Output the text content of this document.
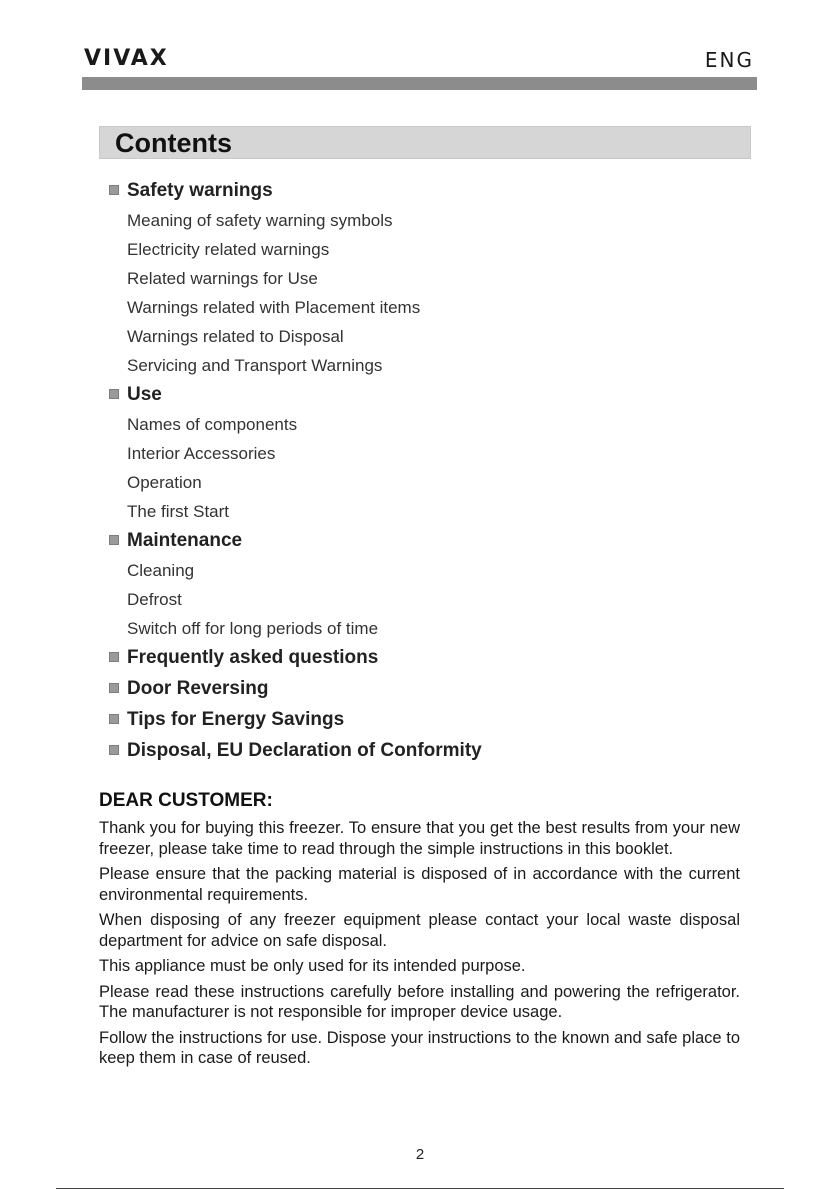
VIVAX	ENG
Contents
Safety warnings
Meaning of safety warning symbols
Electricity related warnings
Related warnings for Use
Warnings related with Placement items
Warnings related to Disposal
Servicing and Transport Warnings
Use
Names of components
Interior Accessories
Operation
The first Start
Maintenance
Cleaning
Defrost
Switch off for long periods of time
Frequently asked questions
Door Reversing
Tips for Energy Savings
Disposal, EU Declaration of Conformity
DEAR CUSTOMER:

Thank you for buying this freezer. To ensure that you get the best results from your new freezer, please take time to read through the simple instructions in this booklet.

Please ensure that the packing material is disposed of in accordance with the current environmental requirements.

When disposing of any freezer equipment please contact your local waste disposal department for advice on safe disposal.

This appliance must be only used for its intended purpose.

Please read these instructions carefully before installing and powering the refrigerator. The manufacturer is not responsible for improper device usage.

Follow the instructions for use. Dispose your instructions to the known and safe place to keep them in case of reused.

2
